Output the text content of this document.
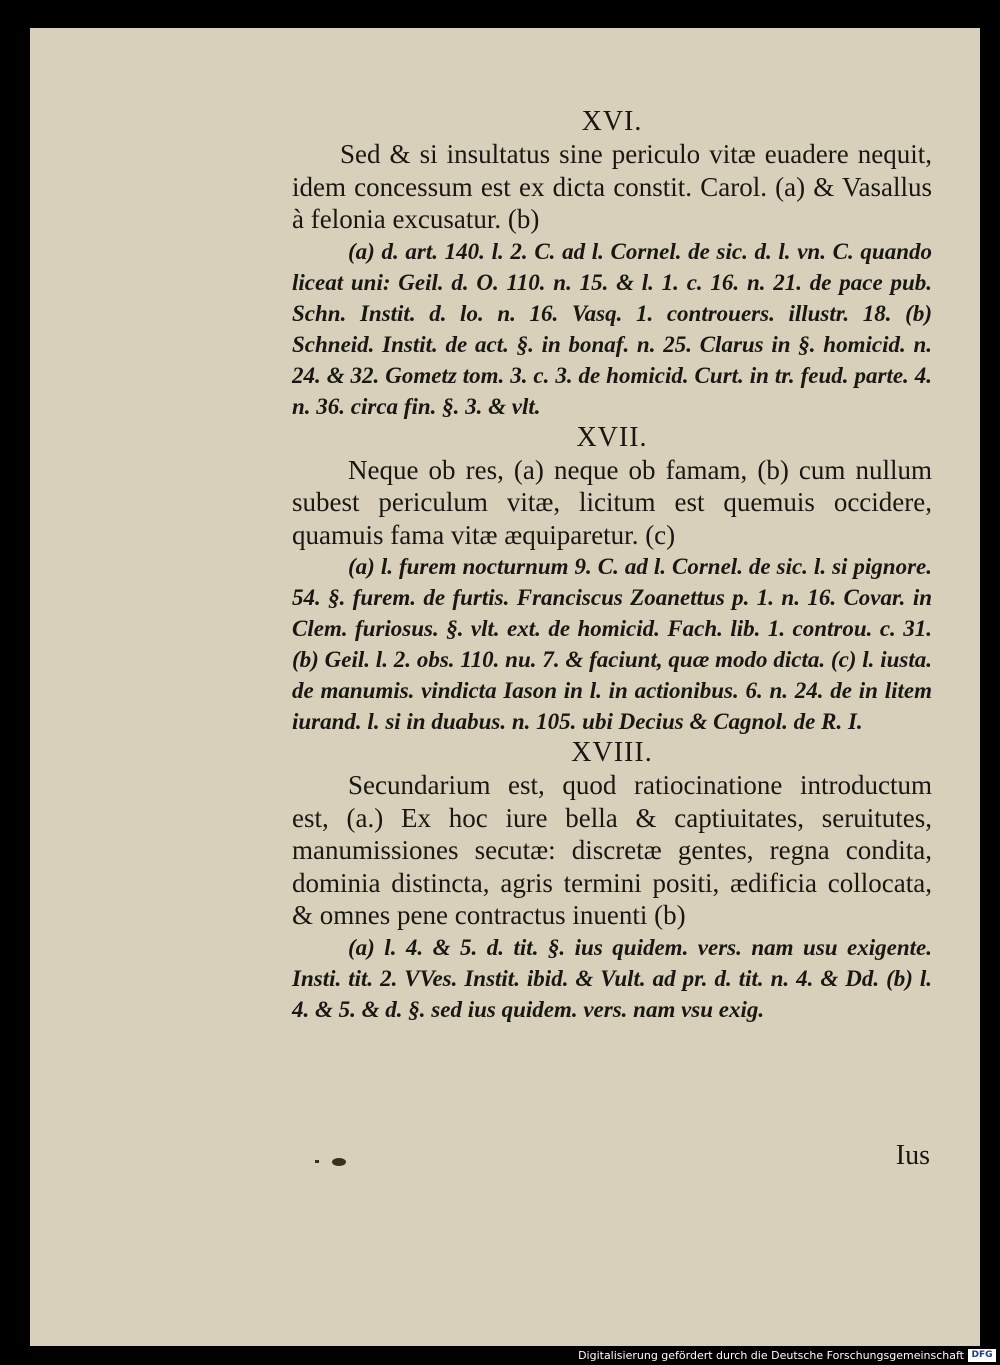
XVI.

Sed & si insultatus sine periculo vitæ euadere nequit, idem concessum est ex dicta constit. Carol. (a) & Vasallus à felonia excusatur. (b)

(a) d. art. 140. l. 2. C. ad l. Cornel. de sic. d. l. vn. C. quando liceat uni: Geil. d. O. 110. n. 15. & l. 1. c. 16. n. 21. de pace pub. Schn. Instit. d. lo. n. 16. Vasq. 1. controuers. illustr. 18. (b) Schneid. Instit. de act. §. in bonaf. n. 25. Clarus in §. homicid. n. 24. & 32. Gometz tom. 3. c. 3. de homicid. Curt. in tr. feud. parte. 4. n. 36. circa fin. §. 3. & vlt.

XVII.

Neque ob res, (a) neque ob famam, (b) cum nullum subest periculum vitæ, licitum est quemuis occidere, quamuis fama vitæ æquiparetur. (c)

(a) l. furem nocturnum 9. C. ad l. Cornel. de sic. l. si pignore. 54. §. furem. de furtis. Franciscus Zoanettus p. 1. n. 16. Covar. in Clem. furiosus. §. vlt. ext. de homicid. Fach. lib. 1. controu. c. 31. (b) Geil. l. 2. obs. 110. nu. 7. & faciunt, quæ modo dicta. (c) l. iusta. de manumis. vindicta Iason in l. in actionibus. 6. n. 24. de in litem iurand. l. si in duabus. n. 105. ubi Decius & Cagnol. de R. I.

XVIII.

Secundarium est, quod ratiocinatione introductum est, (a.) Ex hoc iure bella & captiuitates, seruitutes, manumissiones secutæ: discretæ gentes, regna condita, dominia distincta, agris termini positi, ædificia collocata, & omnes pene contractus inuenti (b)

(a) l. 4. & 5. d. tit. §. ius quidem. vers. nam usu exigente. Insti. tit. 2. VVes. Instit. ibid. & Vult. ad pr. d. tit. n. 4. & Dd. (b) l. 4. & 5. & d. §. sed ius quidem. vers. nam vsu exig.

Ius
Digitalisierung gefördert durch die Deutsche Forschungsgemeinschaft DFG
